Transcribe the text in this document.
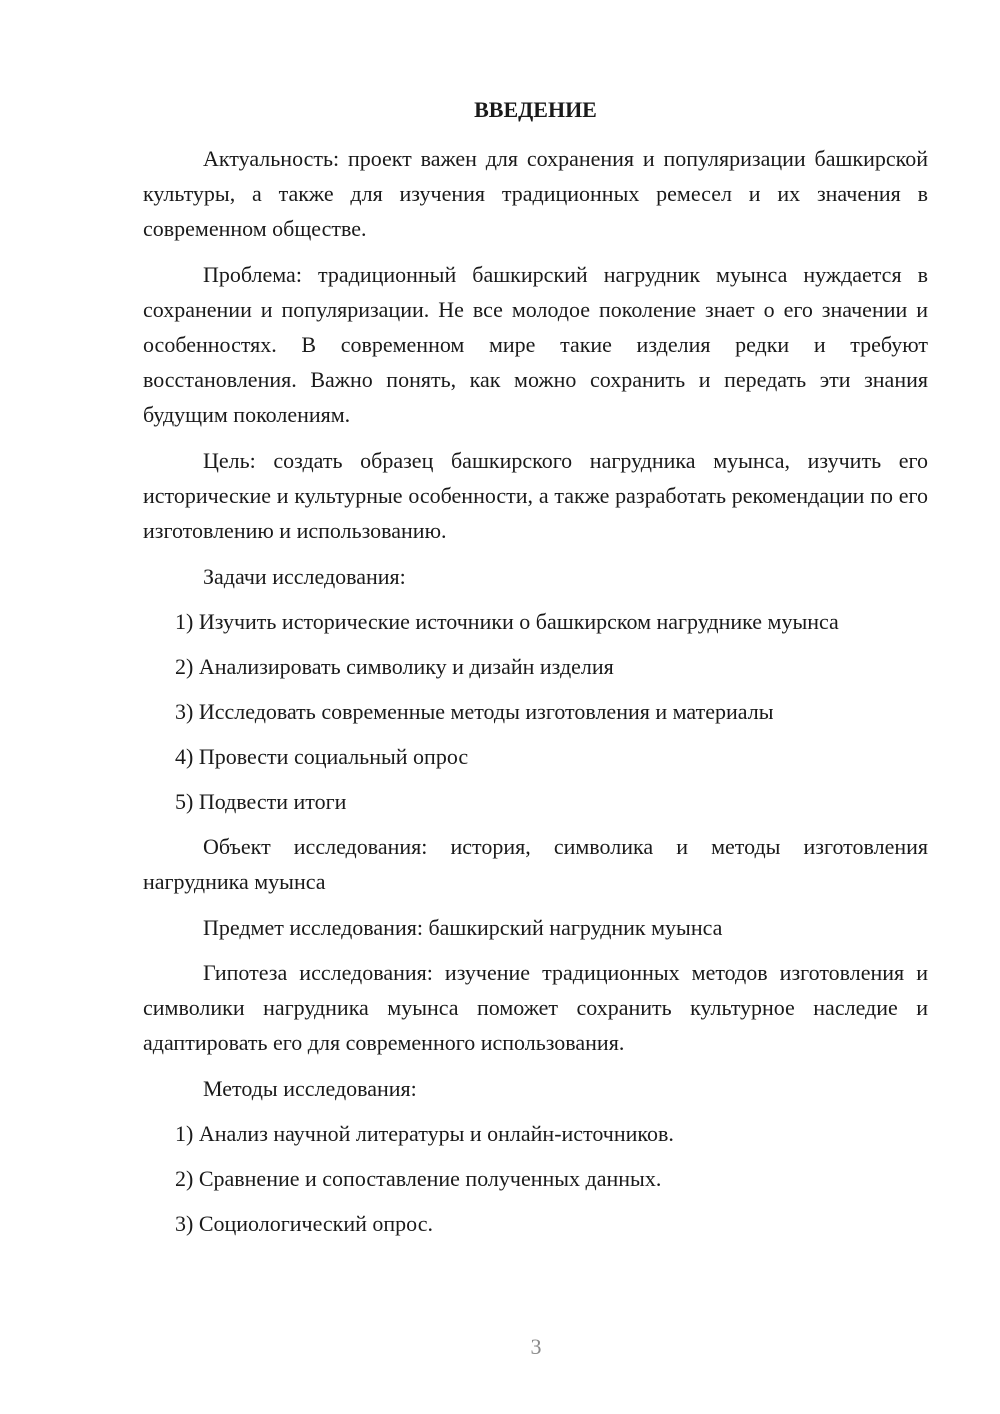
ВВЕДЕНИЕ

Актуальность: проект важен для сохранения и популяризации башкирской культуры, а также для изучения традиционных ремесел и их значения в современном обществе.

Проблема: традиционный башкирский нагрудник муынса нуждается в сохранении и популяризации. Не все молодое поколение знает о его значении и особенностях. В современном мире такие изделия редки и требуют восстановления. Важно понять, как можно сохранить и передать эти знания будущим поколениям.

Цель: создать образец башкирского нагрудника муынса, изучить его исторические и культурные особенности, а также разработать рекомендации по его изготовлению и использованию.

Задачи исследования:

1) Изучить исторические источники о башкирском нагруднике муынса

2) Анализировать символику и дизайн изделия

3) Исследовать современные методы изготовления и материалы

4) Провести социальный опрос

5) Подвести итоги

Объект исследования: история, символика и методы изготовления нагрудника муынса

Предмет исследования: башкирский нагрудник муынса

Гипотеза исследования: изучение традиционных методов изготовления и символики нагрудника муынса поможет сохранить культурное наследие и адаптировать его для современного использования.

Методы исследования:

1) Анализ научной литературы и онлайн-источников.

2) Сравнение и сопоставление полученных данных.

3) Социологический опрос.

3
